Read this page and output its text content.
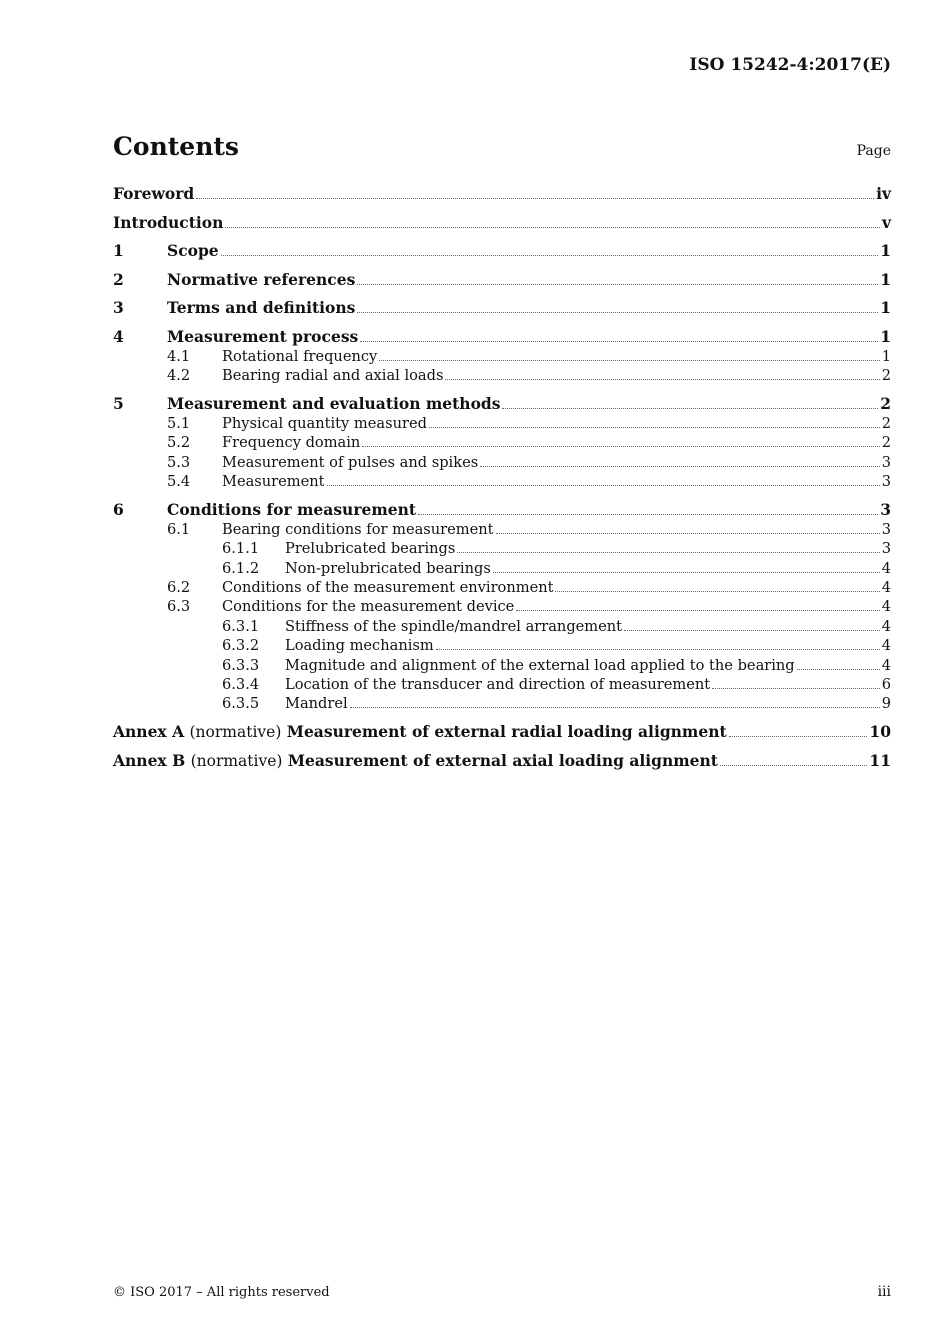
ISO 15242-4:2017(E)
Contents	Page
Foreword	iv
Introduction	v
1	Scope	1
2	Normative references	1
3	Terms and definitions	1
4	Measurement process	1
4.1	Rotational frequency	1
4.2	Bearing radial and axial loads	2
5	Measurement and evaluation methods	2
5.1	Physical quantity measured	2
5.2	Frequency domain	2
5.3	Measurement of pulses and spikes	3
5.4	Measurement	3
6	Conditions for measurement	3
6.1	Bearing conditions for measurement	3
6.1.1	Prelubricated bearings	3
6.1.2	Non-prelubricated bearings	4
6.2	Conditions of the measurement environment	4
6.3	Conditions for the measurement device	4
6.3.1	Stiffness of the spindle/mandrel arrangement	4
6.3.2	Loading mechanism	4
6.3.3	Magnitude and alignment of the external load applied to the bearing	4
6.3.4	Location of the transducer and direction of measurement	6
6.3.5	Mandrel	9
Annex A (normative) Measurement of external radial loading alignment	10
Annex B (normative) Measurement of external axial loading alignment	11
© ISO 2017 – All rights reserved	iii
